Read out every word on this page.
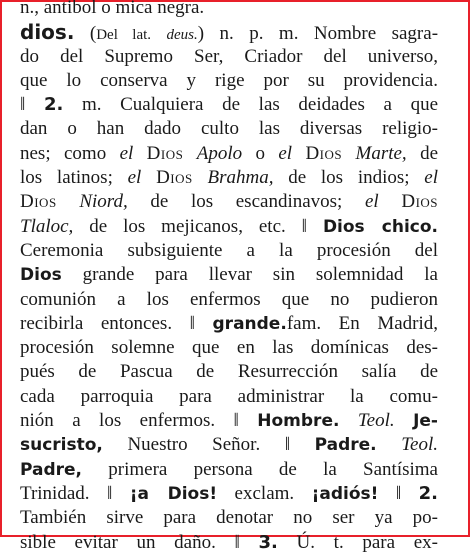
n., antibol o mica negra.
dios. (Del lat. deus.) n. p. m. Nombre sagra-
do del Supremo Ser, Criador del universo,
que lo conserva y rige por su providencia.
‖ 2. m. Cualquiera de las deidades a que
dan o han dado culto las diversas religio-
nes; como el Dios Apolo o el Dios Marte, de
los latinos; el Dios Brahma, de los indios; el
Dios Niord, de los escandinavos; el Dios
Tlaloc, de los mejicanos, etc. ‖ Dios chico.
Ceremonia subsiguiente a la procesión del
Dios grande para llevar sin solemnidad la
comunión a los enfermos que no pudieron
recibirla entonces. ‖ grande.fam. En Madrid,
procesión solemne que en las domínicas des-
pués de Pascua de Resurrección salía de
cada parroquia para administrar la comu-
nión a los enfermos. ‖ Hombre. Teol. Je-
sucristo, Nuestro Señor. ‖ Padre. Teol.
Padre, primera persona de la Santísima
Trinidad. ‖ ¡a Dios! exclam. ¡adiós! ‖ 2.
También sirve para denotar no ser ya po-
sible evitar un daño. ‖ 3. Ú. t. para ex-
